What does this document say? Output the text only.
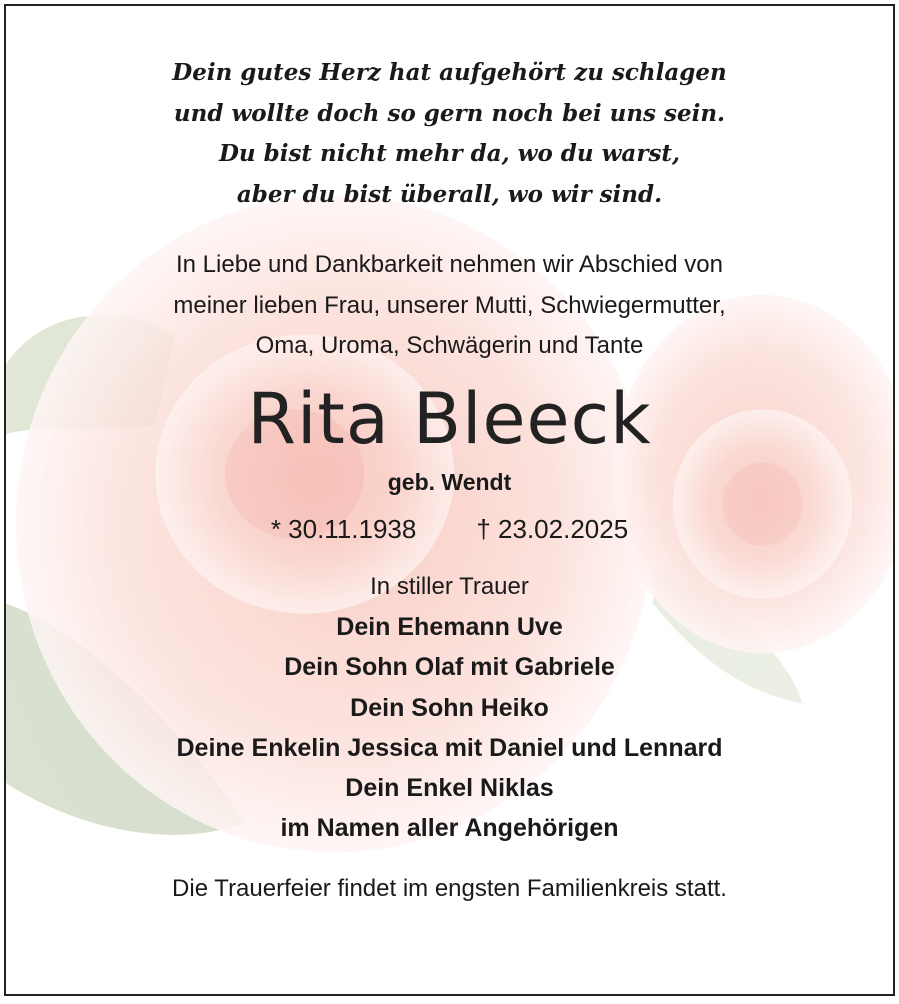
Dein gutes Herz hat aufgehört zu schlagen
und wollte doch so gern noch bei uns sein.
Du bist nicht mehr da, wo du warst,
aber du bist überall, wo wir sind.
In Liebe und Dankbarkeit nehmen wir Abschied von
meiner lieben Frau, unserer Mutti, Schwiegermutter,
Oma, Uroma, Schwägerin und Tante
Rita Bleeck
geb. Wendt
* 30.11.1938 † 23.02.2025
In stiller Trauer
Dein Ehemann Uve
Dein Sohn Olaf mit Gabriele
Dein Sohn Heiko
Deine Enkelin Jessica mit Daniel und Lennard
Dein Enkel Niklas
im Namen aller Angehörigen
Die Trauerfeier findet im engsten Familienkreis statt.
